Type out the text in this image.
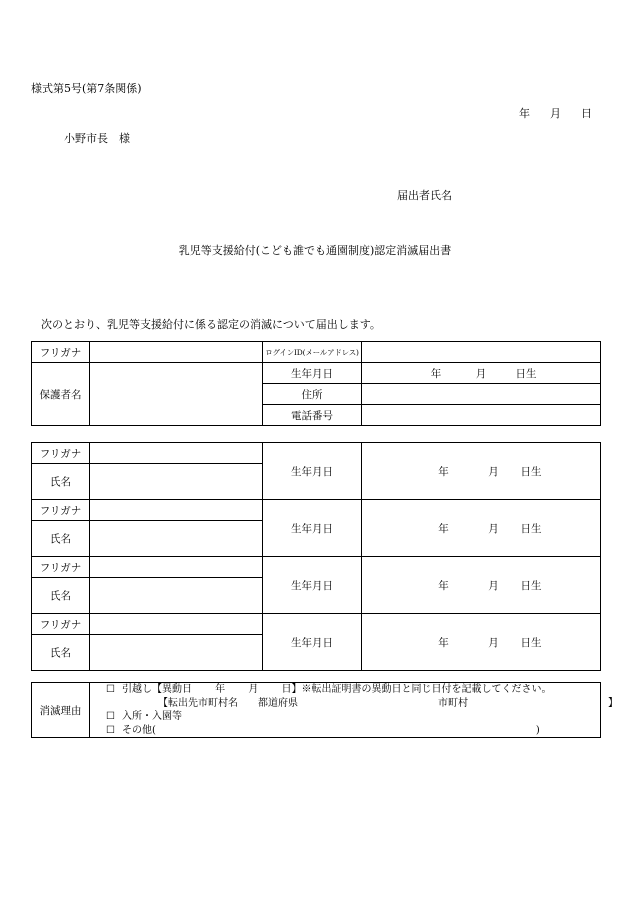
様式第5号(第7条関係)
年 月 日
小野市長　様
届出者氏名
乳児等支援給付(こども誰でも通園制度)認定消滅届出書
次のとおり、乳児等支援給付に係る認定の消滅について届出します。
フリガナ		ログインID(メールアドレス)	
保護者名		生年月日	年 月 日生
		住所	
		電話番号	
フリガナ		生年月日	年 月 日生
氏名			
フリガナ		生年月日	年 月 日生
氏名			
フリガナ		生年月日	年 月 日生
氏名			
フリガナ		生年月日	年 月 日生
氏名			
消滅理由	
☐ 引越し【異動日　　 年　　 月　　 日】※転出証明書の異動日と同じ日付を記載してください。
【転出先市町村名　　都道府県　　　　　　　　　　　　　　市町村　　　　　　　　　　　　　　】
☐ 入所・入園等
☐ その他(　　　　　　　　　　　　　　　　　　　　　　　　　　　　　　　　　　　　　　)
